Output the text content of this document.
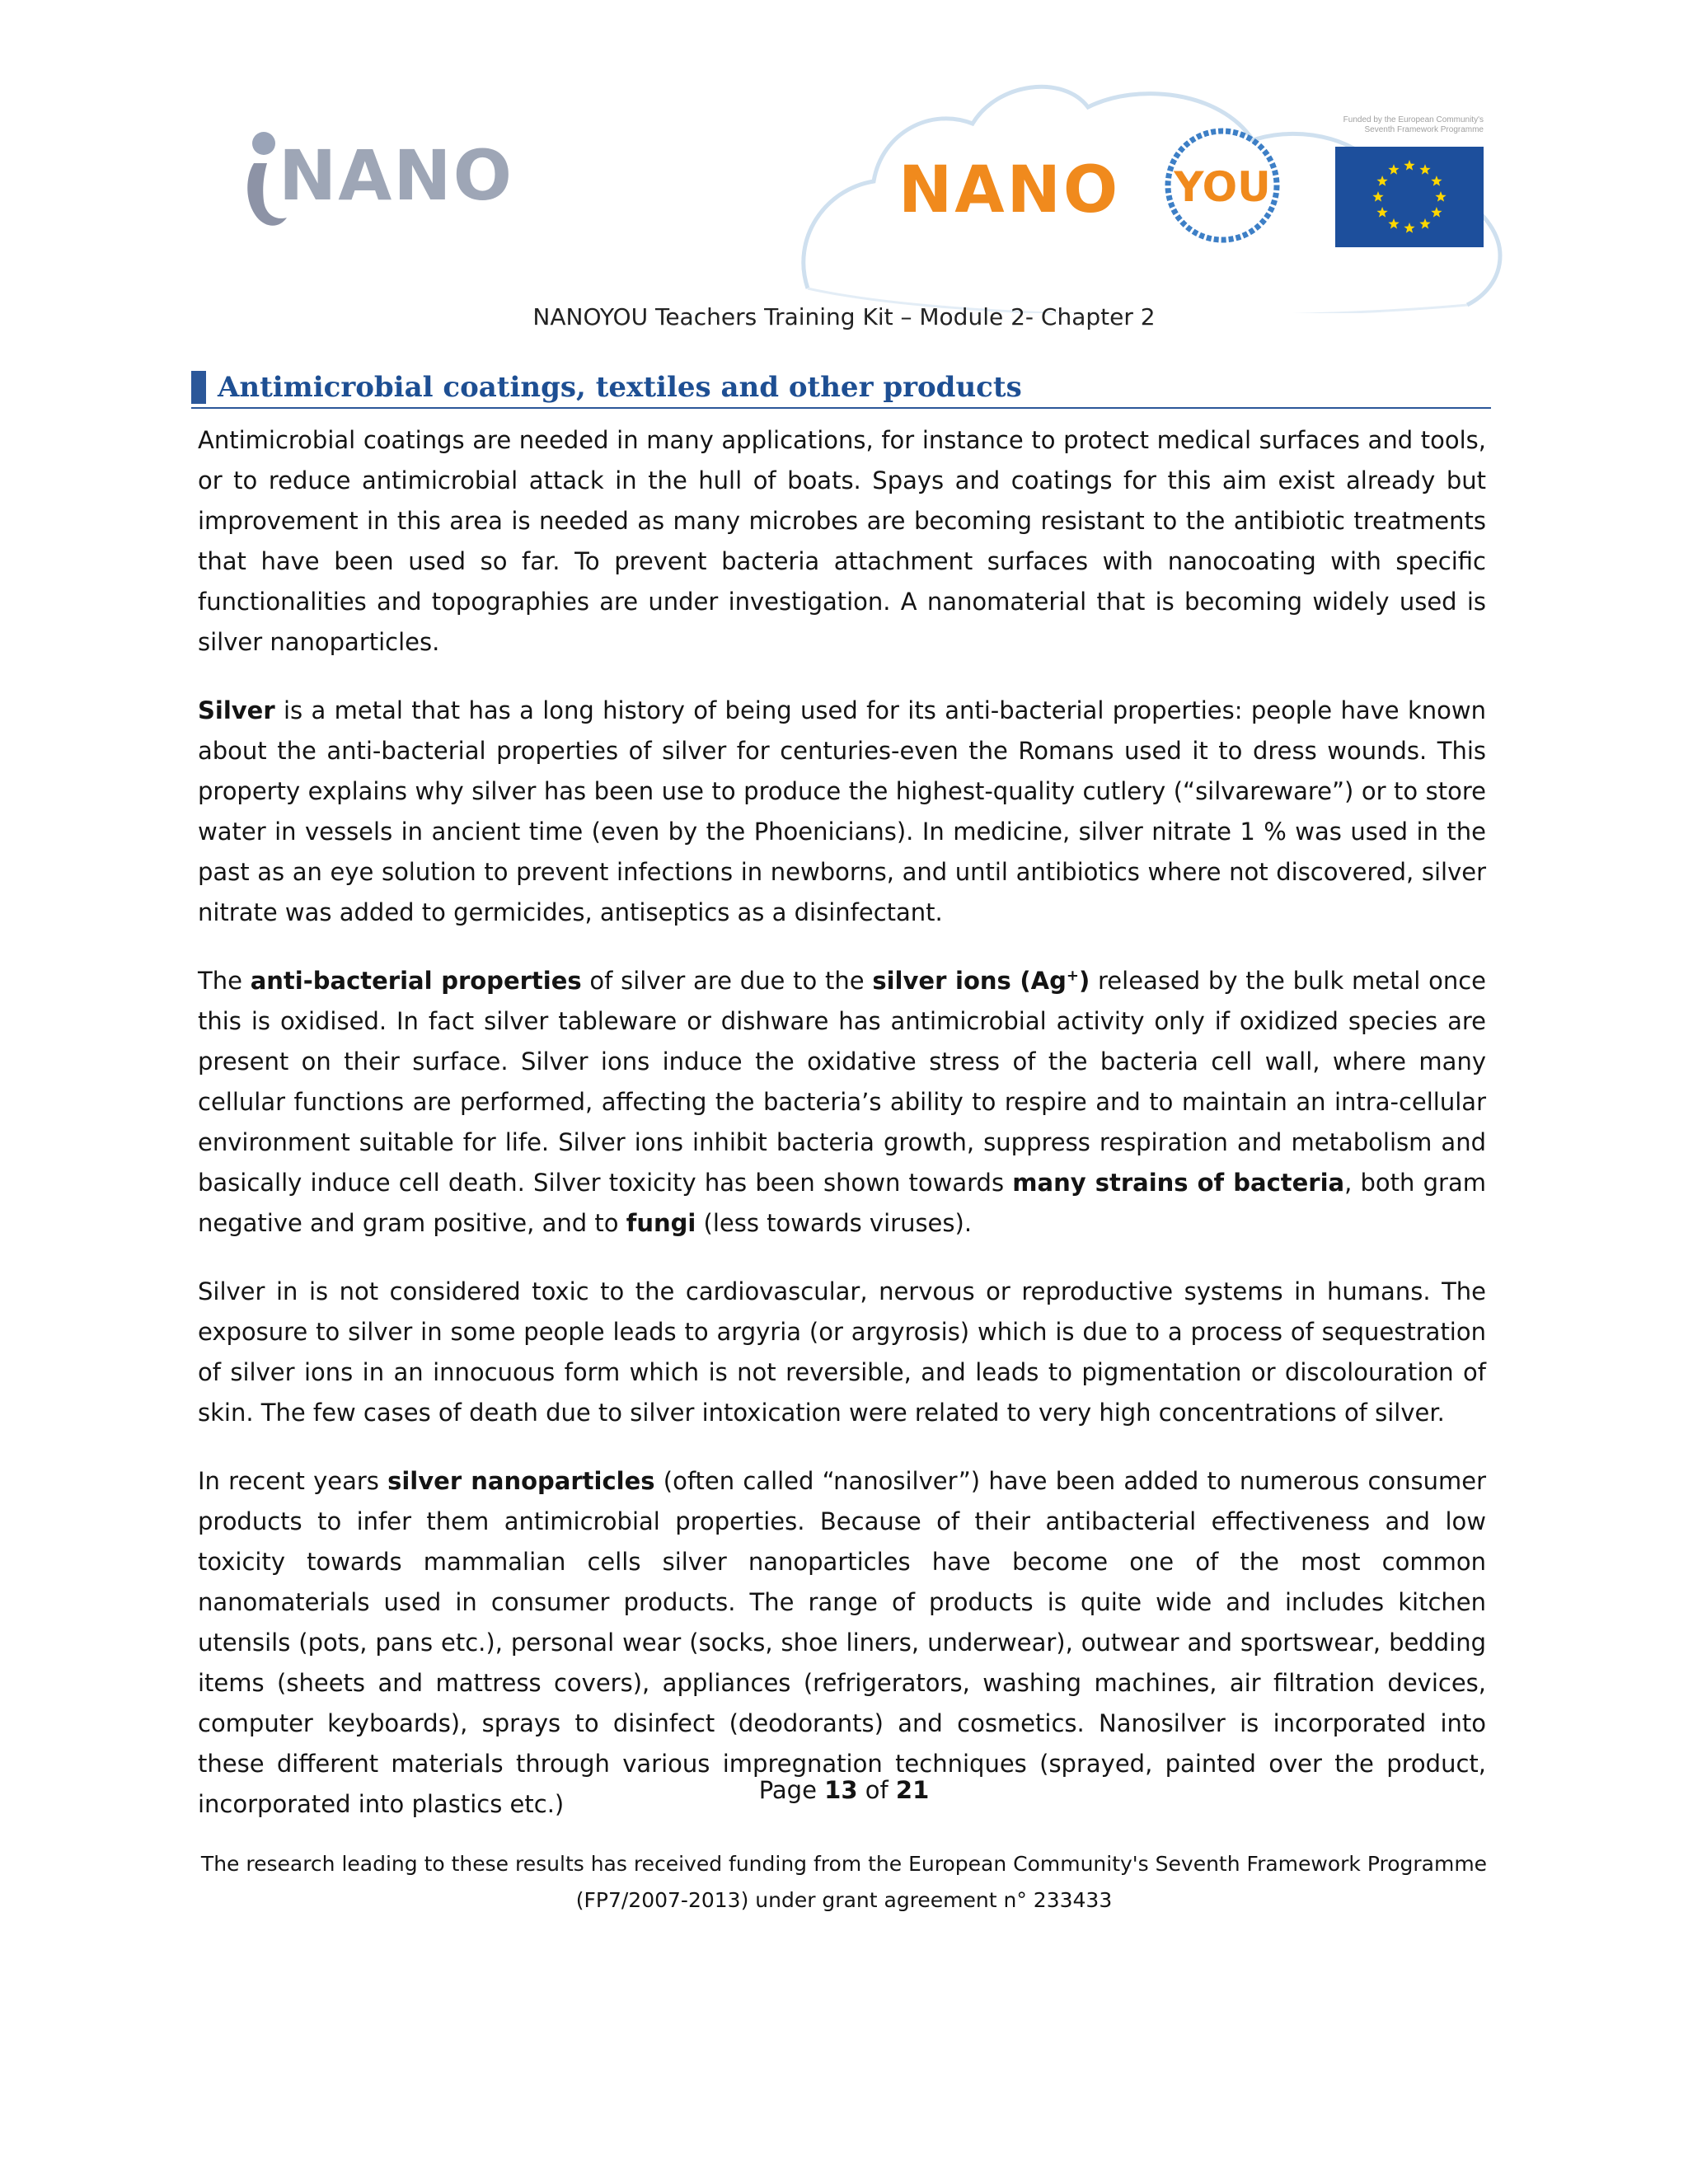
NANO	NANO YOU
Funded by the European Community's
Seventh Framework Programme
NANOYOU Teachers Training Kit – Module 2- Chapter 2
Antimicrobial coatings, textiles and other products

Antimicrobial coatings are needed in many applications, for instance to protect medical surfaces and tools, or to reduce antimicrobial attack in the hull of boats. Spays and coatings for this aim exist already but improvement in this area is needed as many microbes are becoming resistant to the antibiotic treatments that have been used so far. To prevent bacteria attachment surfaces with nanocoating with specific functionalities and topographies are under investigation. A nanomaterial that is becoming widely used is silver nanoparticles.

Silver is a metal that has a long history of being used for its anti-bacterial properties: people have known about the anti-bacterial properties of silver for centuries-even the Romans used it to dress wounds. This property explains why silver has been use to produce the highest-quality cutlery (“silvareware”) or to store water in vessels in ancient time (even by the Phoenicians). In medicine, silver nitrate 1 % was used in the past as an eye solution to prevent infections in newborns, and until antibiotics where not discovered, silver nitrate was added to germicides, antiseptics as a disinfectant.

The anti-bacterial properties of silver are due to the silver ions (Ag+) released by the bulk metal once this is oxidised. In fact silver tableware or dishware has antimicrobial activity only if oxidized species are present on their surface. Silver ions induce the oxidative stress of the bacteria cell wall, where many cellular functions are performed, affecting the bacteria’s ability to respire and to maintain an intra-cellular environment suitable for life. Silver ions inhibit bacteria growth, suppress respiration and metabolism and basically induce cell death. Silver toxicity has been shown towards many strains of bacteria, both gram negative and gram positive, and to fungi (less towards viruses).

Silver in is not considered toxic to the cardiovascular, nervous or reproductive systems in humans. The exposure to silver in some people leads to argyria (or argyrosis) which is due to a process of sequestration of silver ions in an innocuous form which is not reversible, and leads to pigmentation or discolouration of skin. The few cases of death due to silver intoxication were related to very high concentrations of silver.

In recent years silver nanoparticles (often called “nanosilver”) have been added to numerous consumer products to infer them antimicrobial properties. Because of their antibacterial effectiveness and low toxicity towards mammalian cells silver nanoparticles have become one of the most common nanomaterials used in consumer products. The range of products is quite wide and includes kitchen utensils (pots, pans etc.), personal wear (socks, shoe liners, underwear), outwear and sportswear, bedding items (sheets and mattress covers), appliances (refrigerators, washing machines, air filtration devices, computer keyboards), sprays to disinfect (deodorants) and cosmetics. Nanosilver is incorporated into these different materials through various impregnation techniques (sprayed, painted over the product, incorporated into plastics etc.)	Page 13 of 21
The research leading to these results has received funding from the European Community's Seventh Framework Programme
(FP7/2007-2013) under grant agreement n° 233433
